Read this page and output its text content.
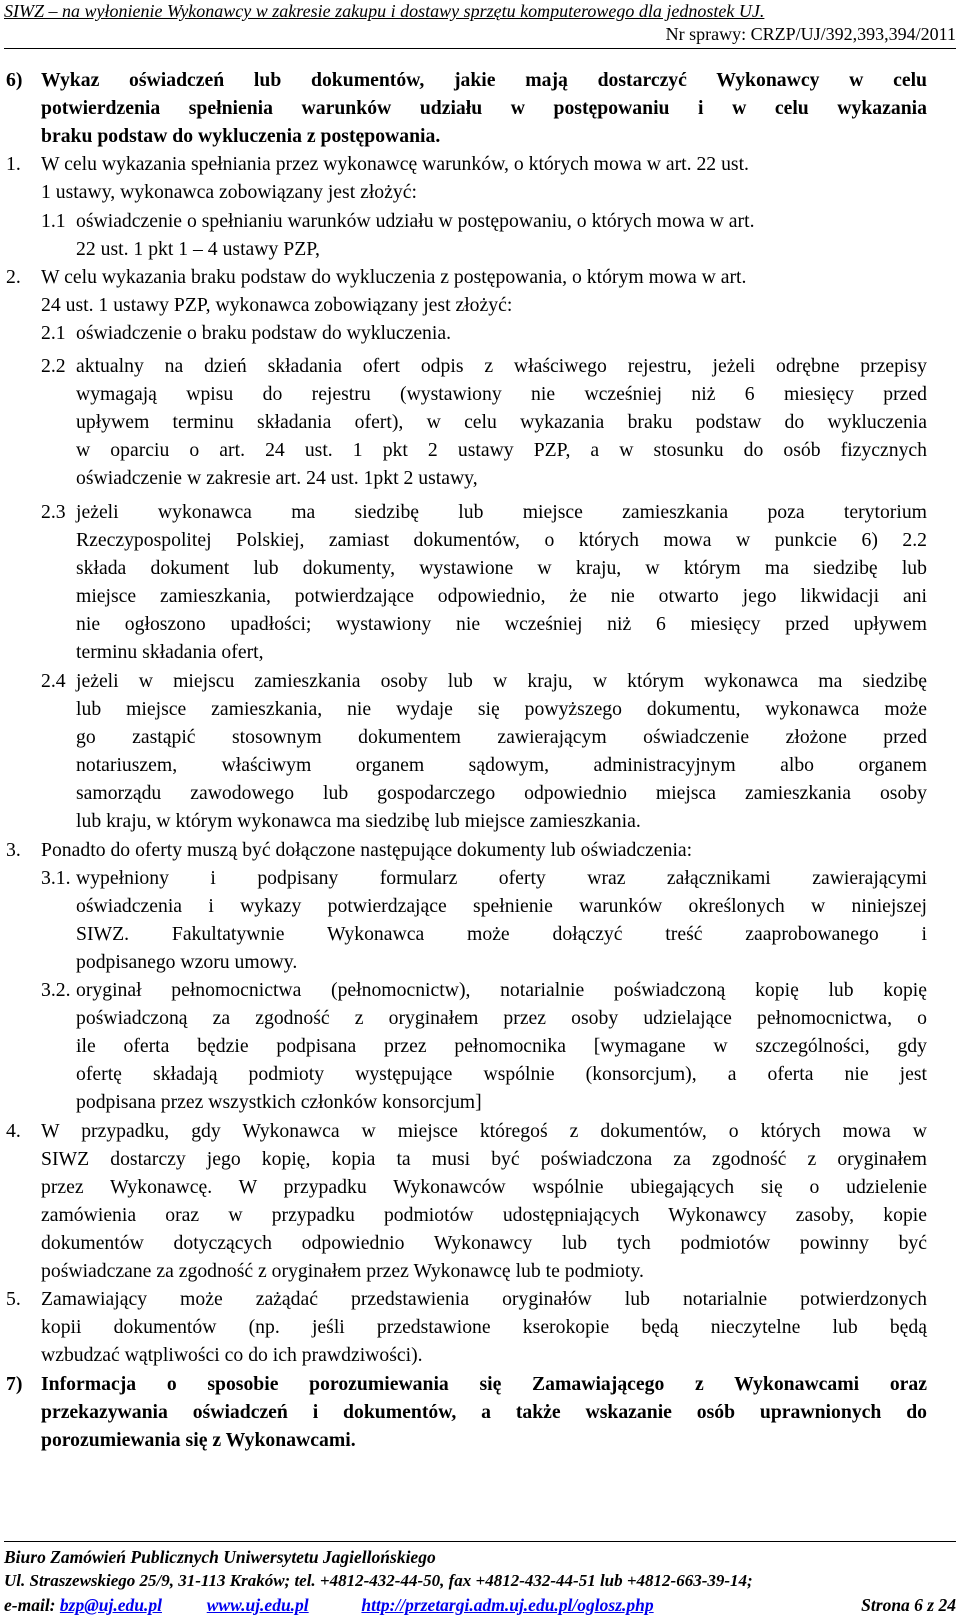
SIWZ – na wyłonienie Wykonawcy w zakresie zakupu i dostawy sprzętu komputerowego dla jednostek UJ.
Nr sprawy: CRZP/UJ/392,393,394/2011
6) Wykaz oświadczeń lub dokumentów, jakie mają dostarczyć Wykonawcy w celu
potwierdzenia spełnienia warunków udziału w postępowaniu i w celu wykazania
braku podstaw do wykluczenia z postępowania.
1. W celu wykazania spełniania przez wykonawcę warunków, o których mowa w art. 22 ust.
1 ustawy, wykonawca zobowiązany jest złożyć:
1.1 oświadczenie o spełnianiu warunków udziału w postępowaniu, o których mowa w art.
22 ust. 1 pkt 1 – 4 ustawy PZP,
2. W celu wykazania braku podstaw do wykluczenia z postępowania, o którym mowa w art.
24 ust. 1 ustawy PZP, wykonawca zobowiązany jest złożyć:
2.1 oświadczenie o braku podstaw do wykluczenia.
2.2 aktualny na dzień składania ofert odpis z właściwego rejestru, jeżeli odrębne przepisy
wymagają wpisu do rejestru (wystawiony nie wcześniej niż 6 miesięcy przed
upływem terminu składania ofert), w celu wykazania braku podstaw do wykluczenia
w oparciu o art. 24 ust. 1 pkt 2 ustawy PZP, a w stosunku do osób fizycznych
oświadczenie w zakresie art. 24 ust. 1pkt 2 ustawy,
2.3 jeżeli wykonawca ma siedzibę lub miejsce zamieszkania poza terytorium
Rzeczypospolitej Polskiej, zamiast dokumentów, o których mowa w punkcie 6) 2.2
składa dokument lub dokumenty, wystawione w kraju, w którym ma siedzibę lub
miejsce zamieszkania, potwierdzające odpowiednio, że nie otwarto jego likwidacji ani
nie ogłoszono upadłości; wystawiony nie wcześniej niż 6 miesięcy przed upływem
terminu składania ofert,
2.4 jeżeli w miejscu zamieszkania osoby lub w kraju, w którym wykonawca ma siedzibę
lub miejsce zamieszkania, nie wydaje się powyższego dokumentu, wykonawca może
go zastąpić stosownym dokumentem zawierającym oświadczenie złożone przed
notariuszem, właściwym organem sądowym, administracyjnym albo organem
samorządu zawodowego lub gospodarczego odpowiednio miejsca zamieszkania osoby
lub kraju, w którym wykonawca ma siedzibę lub miejsce zamieszkania.
3. Ponadto do oferty muszą być dołączone następujące dokumenty lub oświadczenia:
3.1. wypełniony i podpisany formularz oferty wraz załącznikami zawierającymi
oświadczenia i wykazy potwierdzające spełnienie warunków określonych w niniejszej
SIWZ. Fakultatywnie Wykonawca może dołączyć treść zaaprobowanego i
podpisanego wzoru umowy.
3.2. oryginał pełnomocnictwa (pełnomocnictw), notarialnie poświadczoną kopię lub kopię
poświadczoną za zgodność z oryginałem przez osoby udzielające pełnomocnictwa, o
ile oferta będzie podpisana przez pełnomocnika [wymagane w szczególności, gdy
ofertę składają podmioty występujące wspólnie (konsorcjum), a oferta nie jest
podpisana przez wszystkich członków konsorcjum]
4. W przypadku, gdy Wykonawca w miejsce któregoś z dokumentów, o których mowa w
SIWZ dostarczy jego kopię, kopia ta musi być poświadczona za zgodność z oryginałem
przez Wykonawcę. W przypadku Wykonawców wspólnie ubiegających się o udzielenie
zamówienia oraz w przypadku podmiotów udostępniających Wykonawcy zasoby, kopie
dokumentów dotyczących odpowiednio Wykonawcy lub tych podmiotów powinny być
poświadczane za zgodność z oryginałem przez Wykonawcę lub te podmioty.
5. Zamawiający może zażądać przedstawienia oryginałów lub notarialnie potwierdzonych
kopii dokumentów (np. jeśli przedstawione kserokopie będą nieczytelne lub będą
wzbudzać wątpliwości co do ich prawdziwości).
7) Informacja o sposobie porozumiewania się Zamawiającego z Wykonawcami oraz
przekazywania oświadczeń i dokumentów, a także wskazanie osób uprawnionych do
porozumiewania się z Wykonawcami.
Biuro Zamówień Publicznych Uniwersytetu Jagiellońskiego
Ul. Straszewskiego 25/9, 31-113 Kraków; tel. +4812-432-44-50, fax +4812-432-44-51 lub +4812-663-39-14;
e-mail: bzp@uj.edu.pl	www.uj.edu.pl	http://przetargi.adm.uj.edu.pl/oglosz.php	Strona 6 z 24
